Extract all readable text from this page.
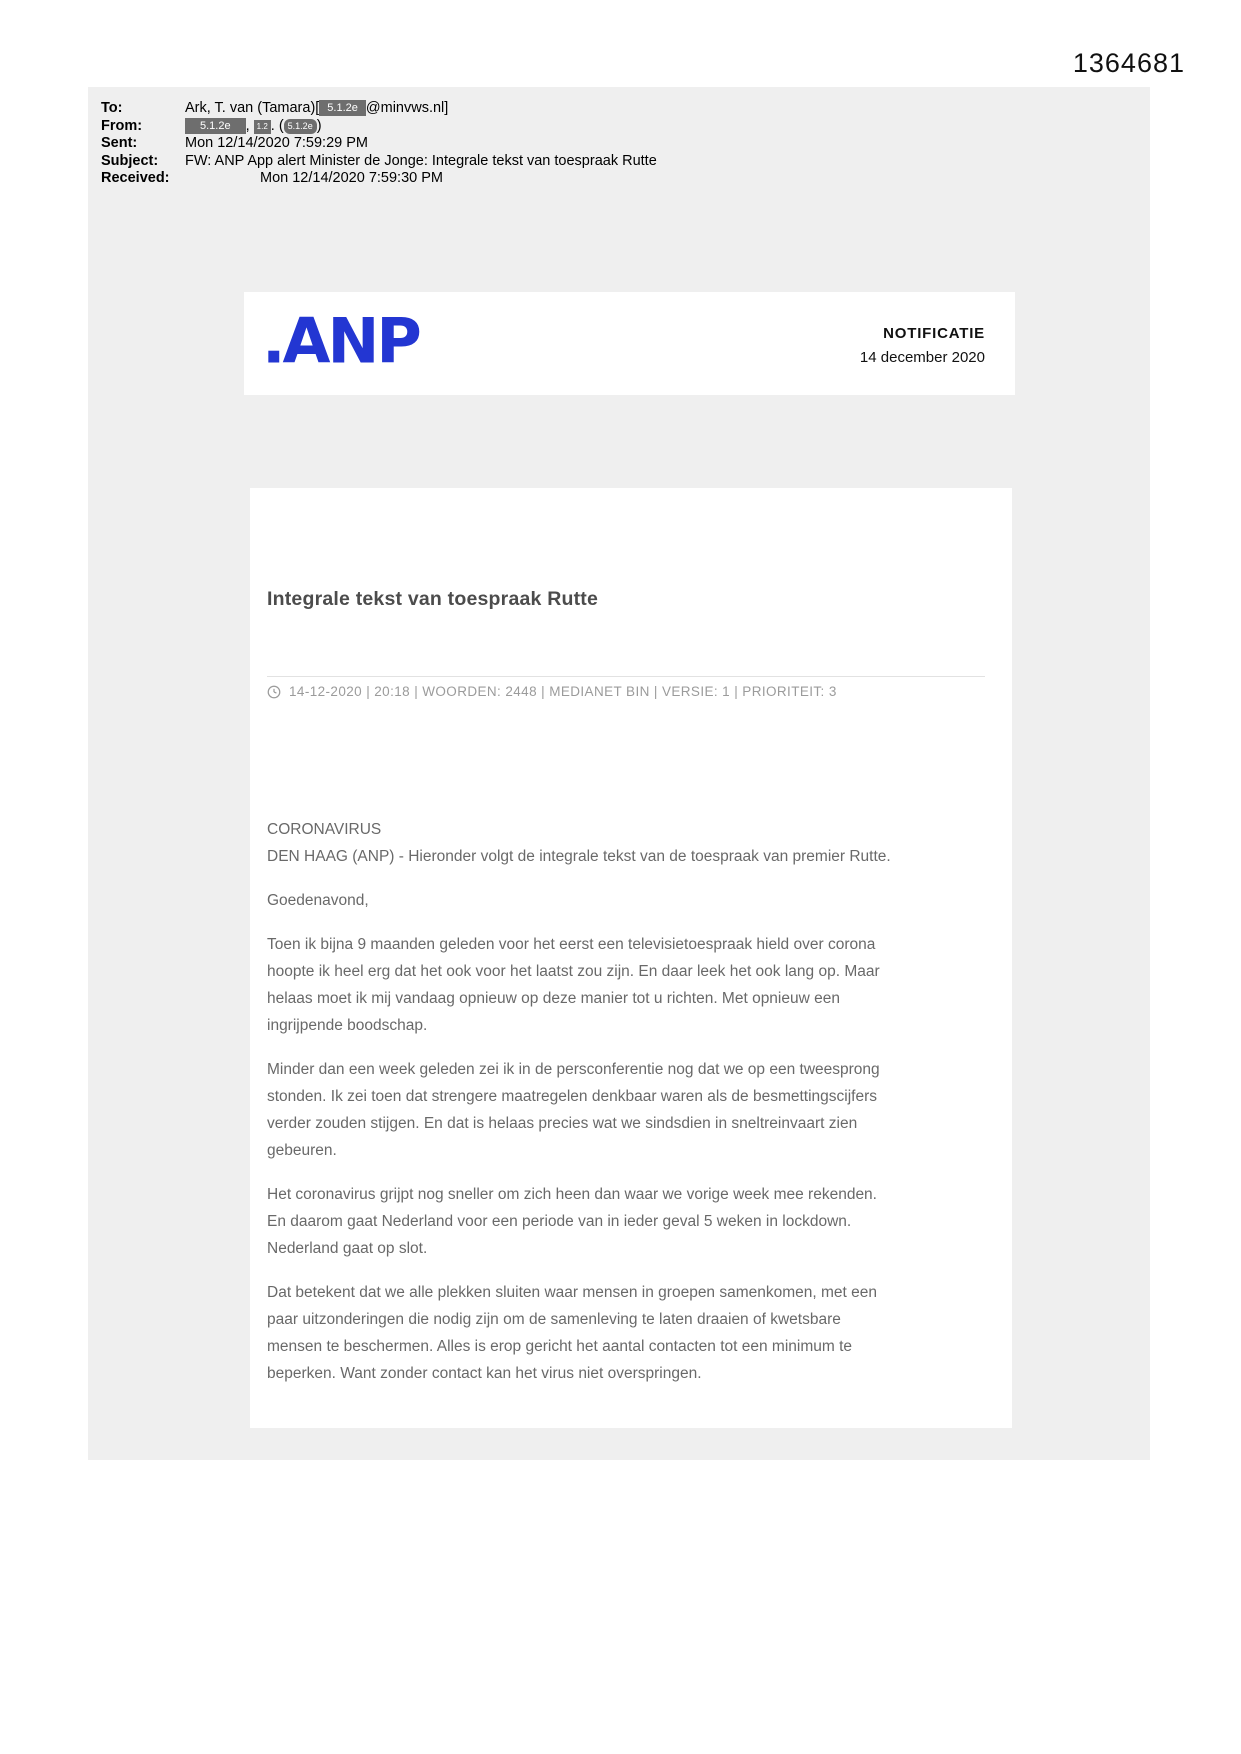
1364681
To:	Ark, T. van (Tamara)[ 5.1.2e @minvws.nl]
From:	5.1.2e , 1.2 . ( 5.1.2e )
Sent:	Mon 12/14/2020 7:59:29 PM
Subject:	FW: ANP App alert Minister de Jonge: Integrale tekst van toespraak Rutte
Received:	Mon 12/14/2020 7:59:30 PM
.ANP	NOTIFICATIE
14 december 2020
Integrale tekst van toespraak Rutte
14-12-2020 | 20:18 | WOORDEN: 2448 | MEDIANET BIN | VERSIE: 1 | PRIORITEIT: 3

CORONAVIRUS

DEN HAAG (ANP) - Hieronder volgt de integrale tekst van de toespraak van premier Rutte.

Goedenavond,

Toen ik bijna 9 maanden geleden voor het eerst een televisietoespraak hield over corona hoopte ik heel erg dat het ook voor het laatst zou zijn. En daar leek het ook lang op. Maar helaas moet ik mij vandaag opnieuw op deze manier tot u richten. Met opnieuw een ingrijpende boodschap.

Minder dan een week geleden zei ik in de persconferentie nog dat we op een tweesprong stonden. Ik zei toen dat strengere maatregelen denkbaar waren als de besmettingscijfers verder zouden stijgen. En dat is helaas precies wat we sindsdien in sneltreinvaart zien gebeuren.

Het coronavirus grijpt nog sneller om zich heen dan waar we vorige week mee rekenden. En daarom gaat Nederland voor een periode van in ieder geval 5 weken in lockdown. Nederland gaat op slot.

Dat betekent dat we alle plekken sluiten waar mensen in groepen samenkomen, met een paar uitzonderingen die nodig zijn om de samenleving te laten draaien of kwetsbare mensen te beschermen. Alles is erop gericht het aantal contacten tot een minimum te beperken. Want zonder contact kan het virus niet overspringen.
